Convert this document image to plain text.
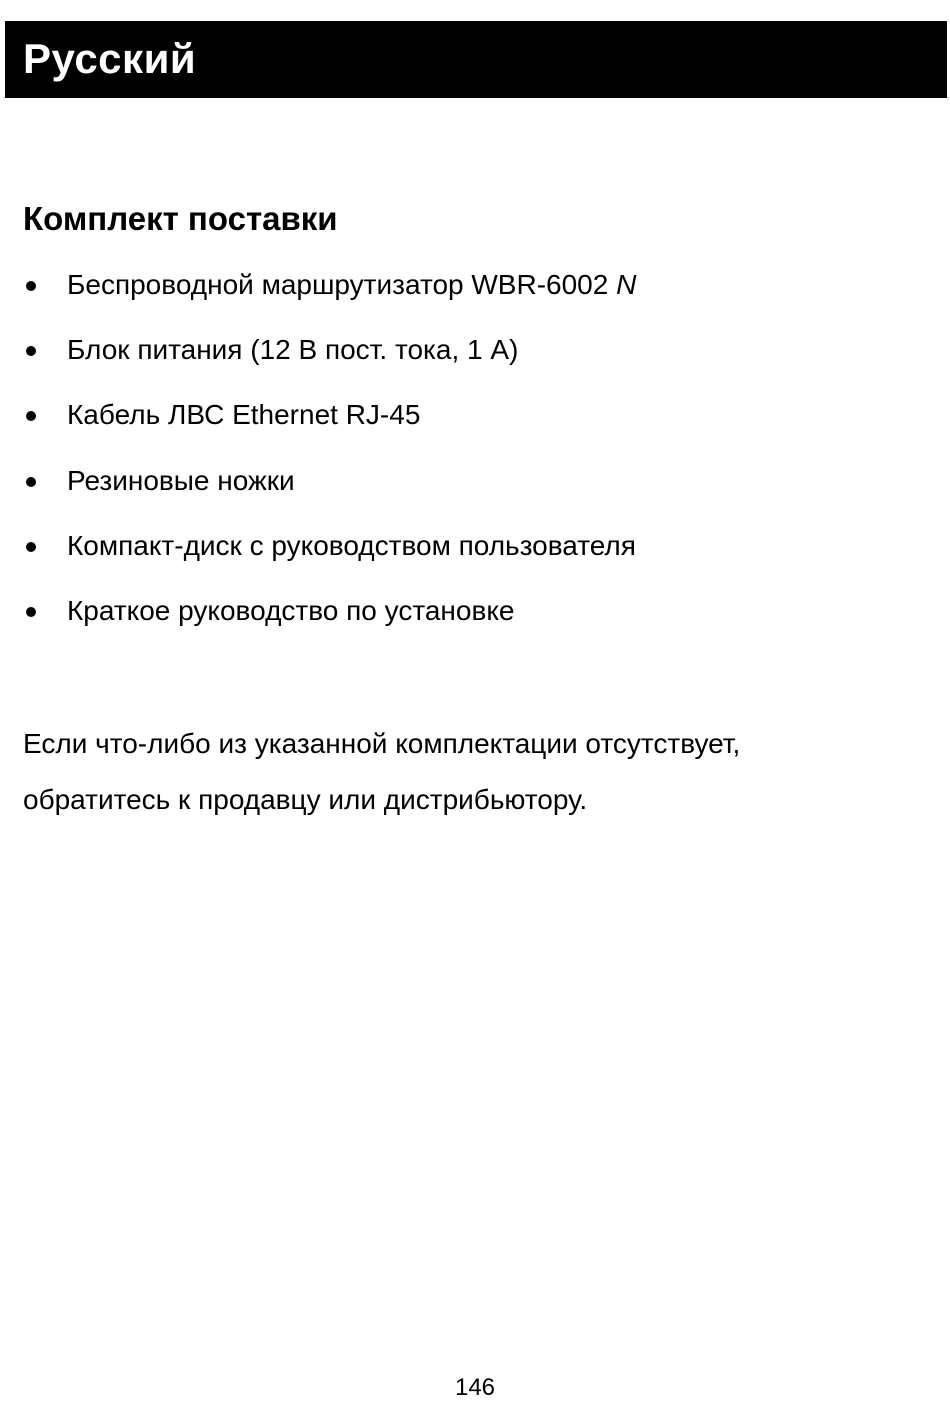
Русский
Комплект поставки
Беспроводной маршрутизатор WBR-6002 N
Блок питания (12 В пост. тока, 1 А)
Кабель ЛВС Ethernet RJ-45
Резиновые ножки
Компакт-диск с руководством пользователя
Краткое руководство по установке

Если что-либо из указанной комплектации отсутствует,
обратитесь к продавцу или дистрибьютору.

146
